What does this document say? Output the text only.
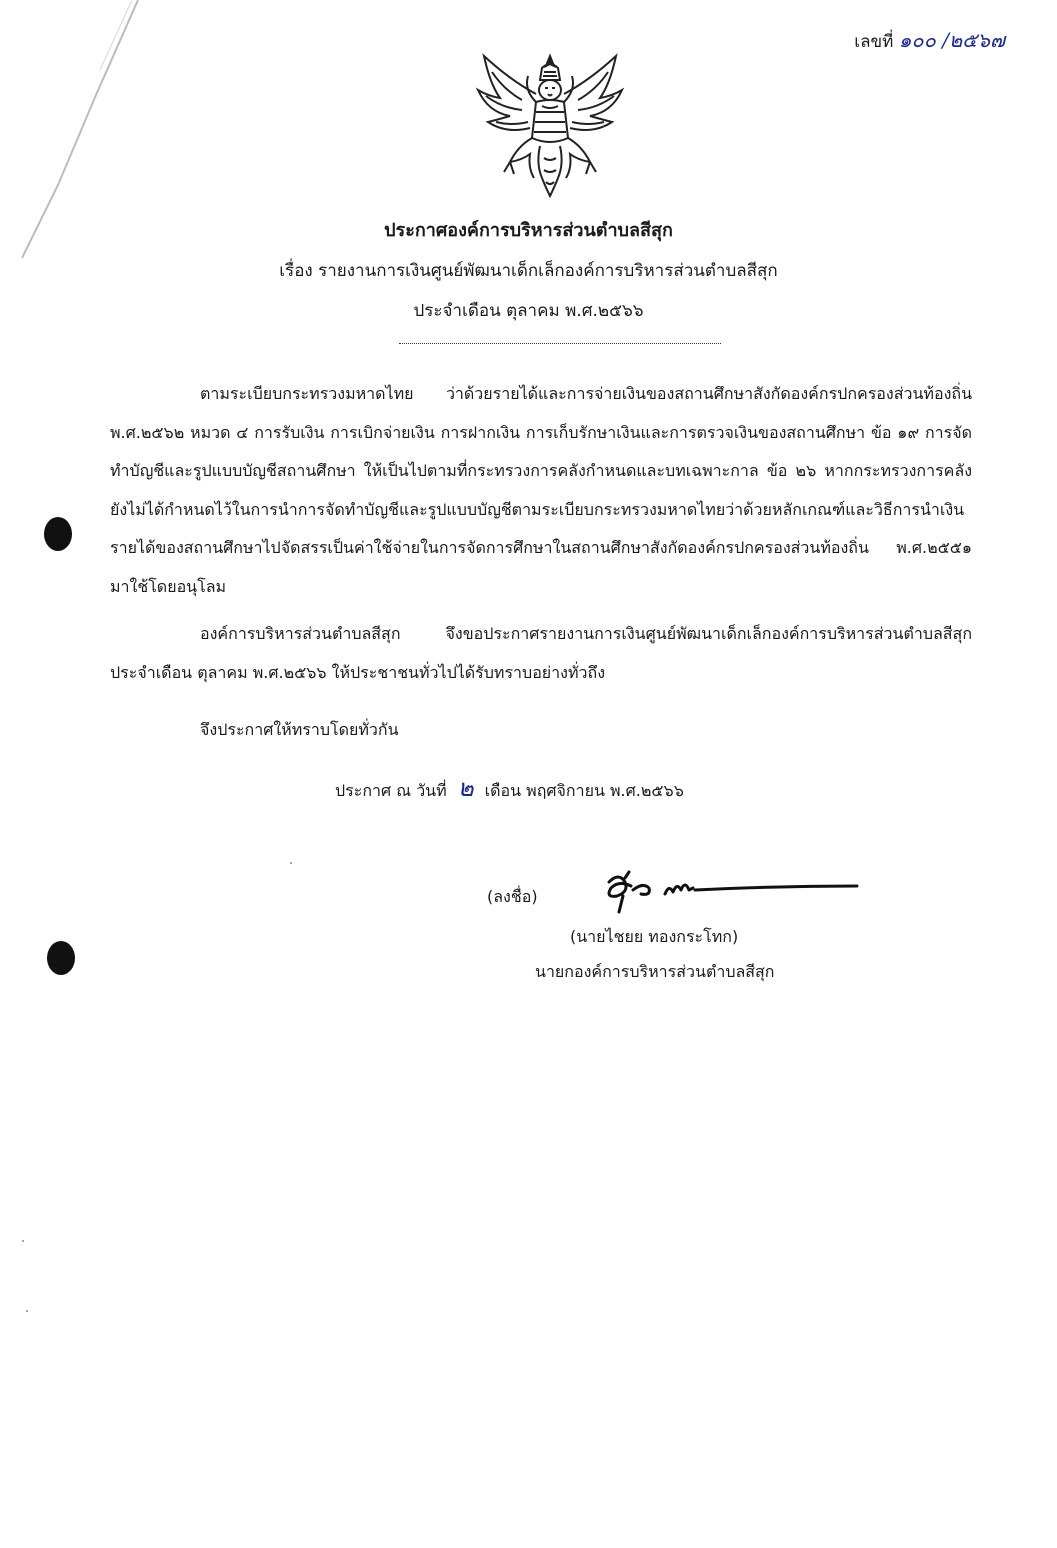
เลขที่ ๑๐๐ /๒๕๖๗
ประกาศองค์การบริหารส่วนตำบลสีสุก
เรื่อง รายงานการเงินศูนย์พัฒนาเด็กเล็กองค์การบริหารส่วนตำบลสีสุก
ประจำเดือน ตุลาคม พ.ศ.๒๕๖๖
ตามระเบียบกระทรวงมหาดไทย ว่าด้วยรายได้และการจ่ายเงินของสถานศึกษาสังกัดองค์กรปกครองส่วนท้องถิ่น พ.ศ.๒๕๖๒ หมวด ๔ การรับเงิน การเบิกจ่ายเงิน การฝากเงิน การเก็บรักษาเงินและการตรวจเงินของสถานศึกษา ข้อ ๑๙ การจัดทำบัญชีและรูปแบบบัญชีสถานศึกษา ให้เป็นไปตามที่กระทรวงการคลังกำหนดและบทเฉพาะกาล ข้อ ๒๖ หากกระทรวงการคลังยังไม่ได้กำหนดไว้ในการนำการจัดทำบัญชีและรูปแบบบัญชีตามระเบียบกระทรวงมหาดไทยว่าด้วยหลักเกณฑ์และวิธีการนำเงินรายได้ของสถานศึกษาไปจัดสรรเป็นค่าใช้จ่ายในการจัดการศึกษาในสถานศึกษาสังกัดองค์กรปกครองส่วนท้องถิ่น พ.ศ.๒๕๕๑ มาใช้โดยอนุโลม
องค์การบริหารส่วนตำบลสีสุก จึงขอประกาศรายงานการเงินศูนย์พัฒนาเด็กเล็กองค์การบริหารส่วนตำบลสีสุก ประจำเดือน ตุลาคม พ.ศ.๒๕๖๖ ให้ประชาชนทั่วไปได้รับทราบอย่างทั่วถึง
จึงประกาศให้ทราบโดยทั่วกัน
ประกาศ ณ วันที่ ๒ เดือน พฤศจิกายน พ.ศ.๒๕๖๖
(ลงชื่อ)
(นายไชยย ทองกระโทก)
นายกองค์การบริหารส่วนตำบลสีสุก
